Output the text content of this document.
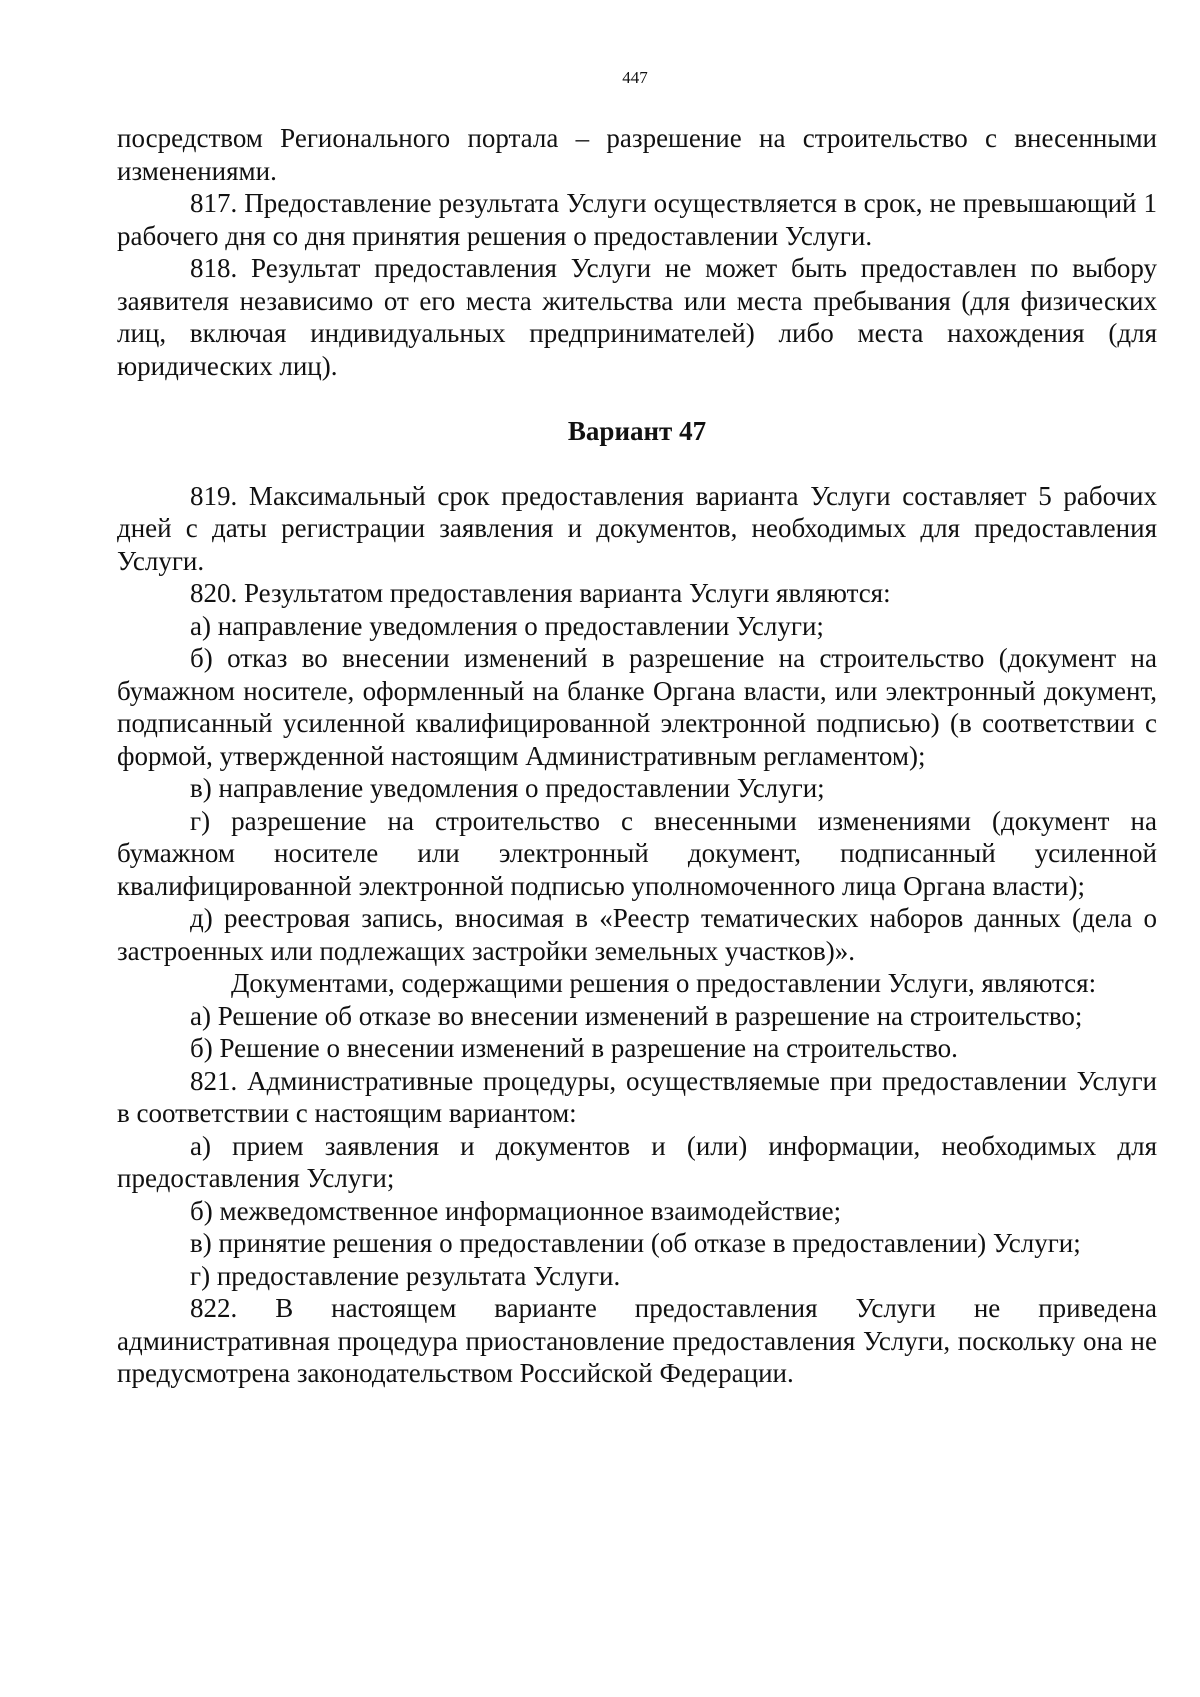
447

посредством Регионального портала – разрешение на строительство с внесенными изменениями.

817. Предоставление результата Услуги осуществляется в срок, не превышающий 1 рабочего дня со дня принятия решения о предоставлении Услуги.

818. Результат предоставления Услуги не может быть предоставлен по выбору заявителя независимо от его места жительства или места пребывания (для физических лиц, включая индивидуальных предпринимателей) либо места нахождения (для юридических лиц).

Вариант 47

819. Максимальный срок предоставления варианта Услуги составляет 5 рабочих дней с даты регистрации заявления и документов, необходимых для предоставления Услуги.

820. Результатом предоставления варианта Услуги являются:

а) направление уведомления о предоставлении Услуги;

б) отказ во внесении изменений в разрешение на строительство (документ на бумажном носителе, оформленный на бланке Органа власти, или электронный документ, подписанный усиленной квалифицированной электронной подписью) (в соответствии с формой, утвержденной настоящим Административным регламентом);

в) направление уведомления о предоставлении Услуги;

г) разрешение на строительство с внесенными изменениями (документ на бумажном носителе или электронный документ, подписанный усиленной квалифицированной электронной подписью уполномоченного лица Органа власти);

д) реестровая запись, вносимая в «Реестр тематических наборов данных (дела о застроенных или подлежащих застройки земельных участков)».

Документами, содержащими решения о предоставлении Услуги, являются:

а) Решение об отказе во внесении изменений в разрешение на строительство;

б) Решение о внесении изменений в разрешение на строительство.

821. Административные процедуры, осуществляемые при предоставлении Услуги в соответствии с настоящим вариантом:

а) прием заявления и документов и (или) информации, необходимых для предоставления Услуги;

б) межведомственное информационное взаимодействие;

в) принятие решения о предоставлении (об отказе в предоставлении) Услуги;

г) предоставление результата Услуги.

822. В настоящем варианте предоставления Услуги не приведена административная процедура приостановление предоставления Услуги, поскольку она не предусмотрена законодательством Российской Федерации.
